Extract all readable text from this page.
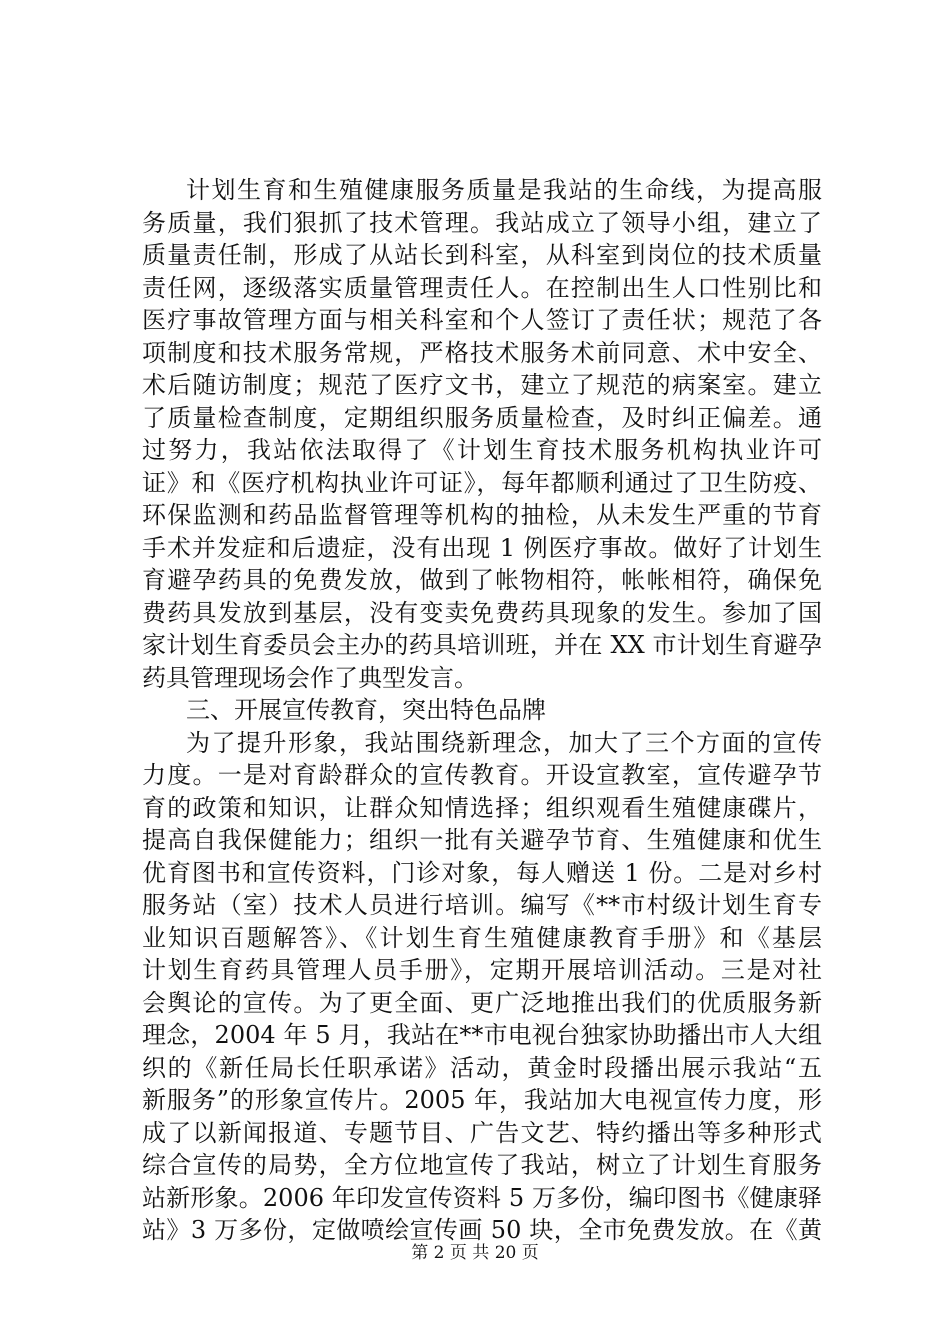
计划生育和生殖健康服务质量是我站的生命线，为提高服
务质量，我们狠抓了技术管理。我站成立了领导小组，建立了
质量责任制，形成了从站长到科室，从科室到岗位的技术质量
责任网，逐级落实质量管理责任人。在控制出生人口性别比和
医疗事故管理方面与相关科室和个人签订了责任状；规范了各
项制度和技术服务常规，严格技术服务术前同意、术中安全、
术后随访制度；规范了医疗文书，建立了规范的病案室。建立
了质量检查制度，定期组织服务质量检查，及时纠正偏差。通
过努力，我站依法取得了《计划生育技术服务机构执业许可
证》和《医疗机构执业许可证》，每年都顺利通过了卫生防疫、
环保监测和药品监督管理等机构的抽检，从未发生严重的节育
手术并发症和后遗症，没有出现 1 例医疗事故。做好了计划生
育避孕药具的免费发放，做到了帐物相符，帐帐相符，确保免
费药具发放到基层，没有变卖免费药具现象的发生。参加了国
家计划生育委员会主办的药具培训班，并在 XX 市计划生育避孕
药具管理现场会作了典型发言。
三、开展宣传教育，突出特色品牌
为了提升形象，我站围绕新理念，加大了三个方面的宣传
力度。一是对育龄群众的宣传教育。开设宣教室，宣传避孕节
育的政策和知识，让群众知情选择；组织观看生殖健康碟片，
提高自我保健能力；组织一批有关避孕节育、生殖健康和优生
优育图书和宣传资料，门诊对象，每人赠送 1 份。二是对乡村
服务站（室）技术人员进行培训。编写《**市村级计划生育专
业知识百题解答》、《计划生育生殖健康教育手册》和《基层
计划生育药具管理人员手册》，定期开展培训活动。三是对社
会舆论的宣传。为了更全面、更广泛地推出我们的优质服务新
理念，2004 年 5 月，我站在**市电视台独家协助播出市人大组
织的《新任局长任职承诺》活动，黄金时段播出展示我站“五
新服务”的形象宣传片。2005 年，我站加大电视宣传力度，形
成了以新闻报道、专题节目、广告文艺、特约播出等多种形式
综合宣传的局势，全方位地宣传了我站，树立了计划生育服务
站新形象。2006 年印发宣传资料 5 万多份，编印图书《健康驿
站》3 万多份，定做喷绘宣传画 50 块，全市免费发放。在《黄
第 2 页 共 20 页
